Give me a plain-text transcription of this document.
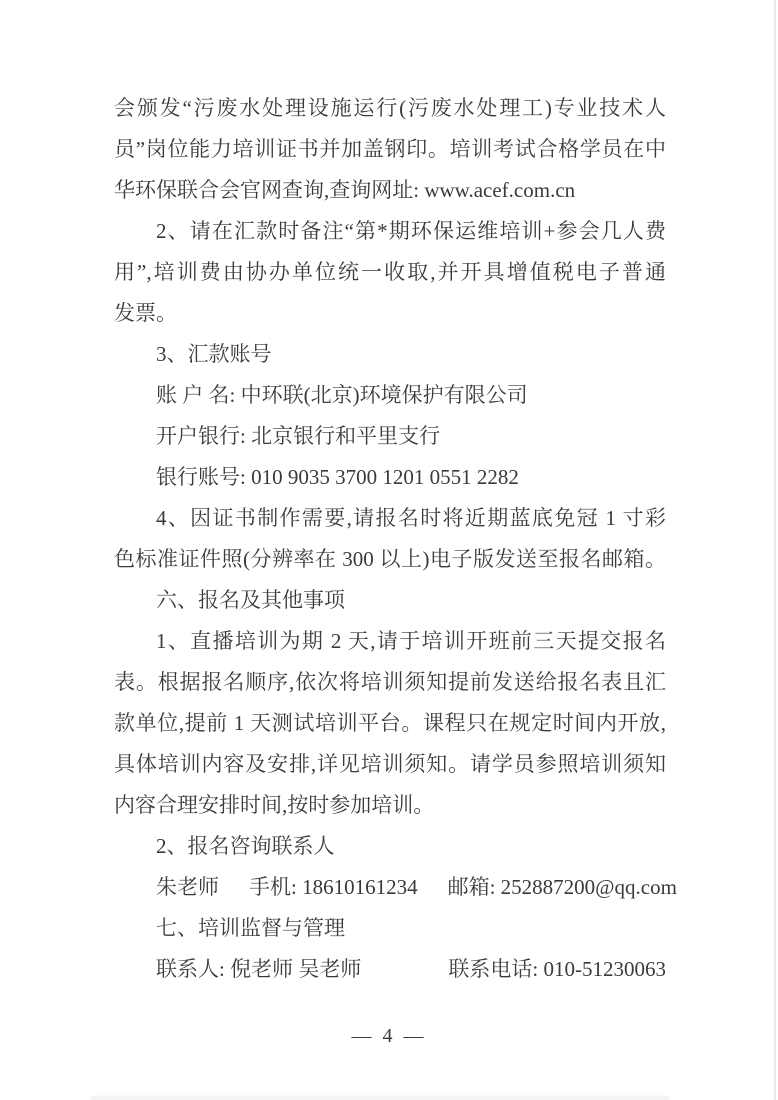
会颁发“污废水处理设施运行(污废水处理工)专业技术人
员”岗位能力培训证书并加盖钢印。培训考试合格学员在中
华环保联合会官网查询,查询网址: www.acef.com.cn
2、请在汇款时备注“第*期环保运维培训+参会几人费
用”,培训费由协办单位统一收取,并开具增值税电子普通
发票。
3、汇款账号
账 户 名: 中环联(北京)环境保护有限公司
开户银行: 北京银行和平里支行
银行账号: 010 9035 3700 1201 0551 2282
4、因证书制作需要,请报名时将近期蓝底免冠 1 寸彩
色标准证件照(分辨率在 300 以上)电子版发送至报名邮箱。
六、报名及其他事项
1、直播培训为期 2 天,请于培训开班前三天提交报名
表。根据报名顺序,依次将培训须知提前发送给报名表且汇
款单位,提前 1 天测试培训平台。课程只在规定时间内开放,
具体培训内容及安排,详见培训须知。请学员参照培训须知
内容合理安排时间,按时参加培训。
2、报名咨询联系人
朱老师 手机: 18610161234 邮箱: 252887200@qq.com
七、培训监督与管理
联系人: 倪老师 吴老师	联系电话: 010-51230063
— 4 —
